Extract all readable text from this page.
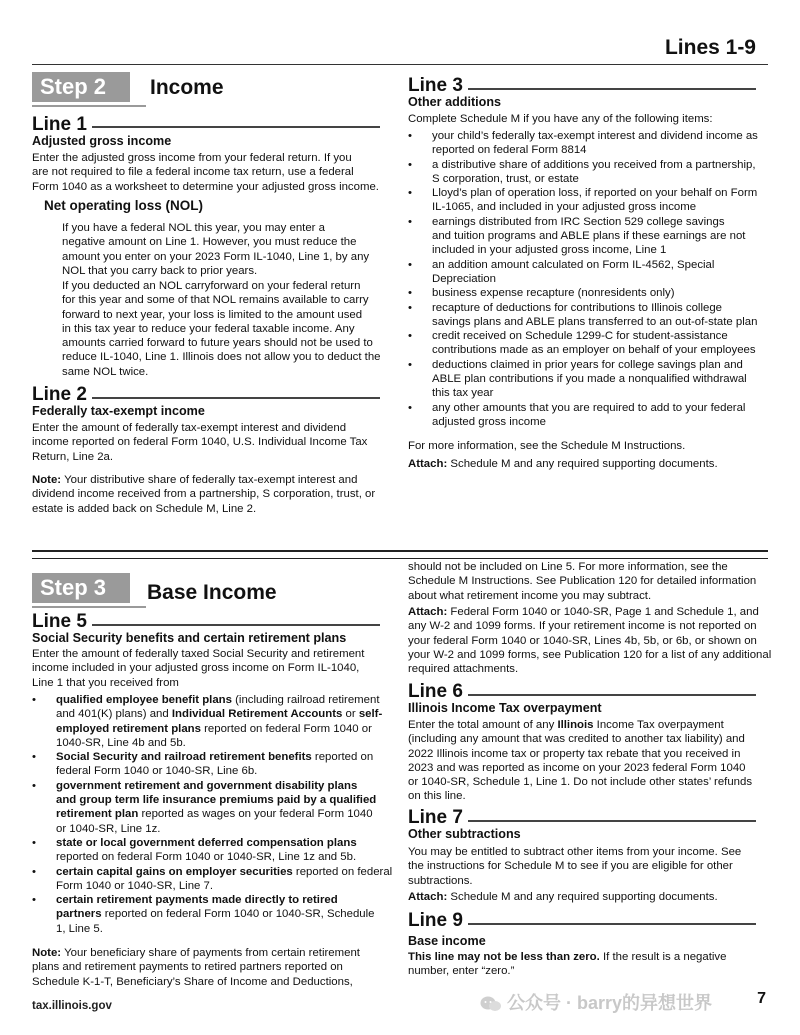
Lines 1-9
Step 2	Income
Line 1
Adjusted gross income
Enter the adjusted gross income from your federal return. If you
are not required to file a federal income tax return, use a federal
Form 1040 as a worksheet to determine your adjusted gross income.
Net operating loss (NOL)
If you have a federal NOL this year, you may enter a
negative amount on Line 1. However, you must reduce the
amount you enter on your 2023 Form IL-1040, Line 1, by any
NOL that you carry back to prior years.
If you deducted an NOL carryforward on your federal return
for this year and some of that NOL remains available to carry
forward to next year, your loss is limited to the amount used
in this tax year to reduce your federal taxable income. Any
amounts carried forward to future years should not be used to
reduce IL-1040, Line 1. Illinois does not allow you to deduct the
same NOL twice.
Line 2
Federally tax-exempt income
Enter the amount of federally tax-exempt interest and dividend
income reported on federal Form 1040, U.S. Individual Income Tax
Return, Line 2a.
Note: Your distributive share of federally tax-exempt interest and
dividend income received from a partnership, S corporation, trust, or
estate is added back on Schedule M, Line 2.
Line 3
Other additions
Complete Schedule M if you have any of the following items:
• your child’s federally tax-exempt interest and dividend income as
reported on federal Form 8814
• a distributive share of additions you received from a partnership,
S corporation, trust, or estate
• Lloyd’s plan of operation loss, if reported on your behalf on Form
IL-1065, and included in your adjusted gross income
• earnings distributed from IRC Section 529 college savings
and tuition programs and ABLE plans if these earnings are not
included in your adjusted gross income, Line 1
• an addition amount calculated on Form IL-4562, Special
Depreciation
• business expense recapture (nonresidents only)
• recapture of deductions for contributions to Illinois college
savings plans and ABLE plans transferred to an out-of-state plan
• credit received on Schedule 1299-C for student-assistance
contributions made as an employer on behalf of your employees
• deductions claimed in prior years for college savings plan and
ABLE plan contributions if you made a nonqualified withdrawal
this tax year
• any other amounts that you are required to add to your federal
adjusted gross income
For more information, see the Schedule M Instructions.
Attach: Schedule M and any required supporting documents.
Step 3	Base Income
Line 5
Social Security benefits and certain retirement plans
Enter the amount of federally taxed Social Security and retirement
income included in your adjusted gross income on Form IL-1040,
Line 1 that you received from
• qualified employee benefit plans (including railroad retirement
and 401(K) plans) and Individual Retirement Accounts or self-
employed retirement plans reported on federal Form 1040 or
1040-SR, Line 4b and 5b.
• Social Security and railroad retirement benefits reported on
federal Form 1040 or 1040-SR, Line 6b.
• government retirement and government disability plans
and group term life insurance premiums paid by a qualified
retirement plan reported as wages on your federal Form 1040
or 1040-SR, Line 1z.
• state or local government deferred compensation plans
reported on federal Form 1040 or 1040-SR, Line 1z and 5b.
• certain capital gains on employer securities reported on federal
Form 1040 or 1040-SR, Line 7.
• certain retirement payments made directly to retired
partners reported on federal Form 1040 or 1040-SR, Schedule
1, Line 5.
Note: Your beneficiary share of payments from certain retirement
plans and retirement payments to retired partners reported on
Schedule K-1-T, Beneficiary’s Share of Income and Deductions,
should not be included on Line 5. For more information, see the
Schedule M Instructions. See Publication 120 for detailed information
about what retirement income you may subtract.
Attach: Federal Form 1040 or 1040-SR, Page 1 and Schedule 1, and
any W-2 and 1099 forms. If your retirement income is not reported on
your federal Form 1040 or 1040-SR, Lines 4b, 5b, or 6b, or shown on
your W-2 and 1099 forms, see Publication 120 for a list of any additional
required attachments.
Line 6
Illinois Income Tax overpayment
Enter the total amount of any Illinois Income Tax overpayment
(including any amount that was credited to another tax liability) and
2022 Illinois income tax or property tax rebate that you received in
2023 and was reported as income on your 2023 federal Form 1040
or 1040-SR, Schedule 1, Line 1. Do not include other states’ refunds
on this line.
Line 7
Other subtractions
You may be entitled to subtract other items from your income. See
the instructions for Schedule M to see if you are eligible for other
subtractions.
Attach: Schedule M and any required supporting documents.
Line 9
Base income
This line may not be less than zero. If the result is a negative
number, enter “zero.”
tax.illinois.gov	公众号 · barry的异想世界	7
